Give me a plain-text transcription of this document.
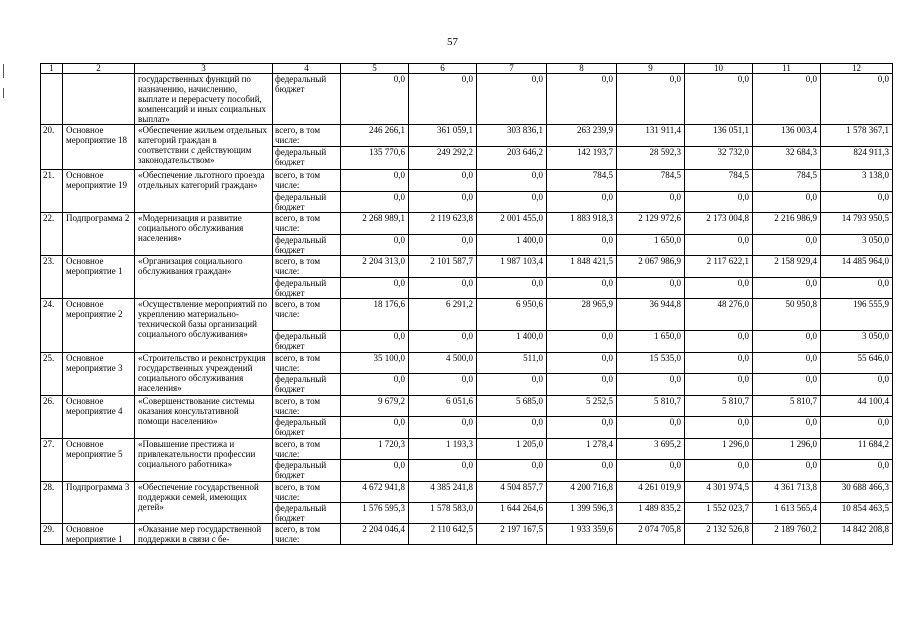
57
1	2	3	4	5	6	7	8	9	10	11	12
		государственных функций по назначению, начислению, выплате и перерасчету пособий, компенсаций и иных социальных выплат»	федеральный бюджет	0,0	0,0	0,0	0,0	0,0	0,0	0,0	0,0
20.	Основное мероприятие 18	«Обеспечение жильем отдельных категорий граждан в соответствии с действующим законодательством»	всего, в том числе:	246 266,1	361 059,1	303 836,1	263 239,9	131 911,4	136 051,1	136 003,4	1 578 367,1
			федеральный бюджет	135 770,6	249 292,2	203 646,2	142 193,7	28 592,3	32 732,0	32 684,3	824 911,3
21.	Основное мероприятие 19	«Обеспечение льготного проезда отдельных категорий граждан»	всего, в том числе:	0,0	0,0	0,0	784,5	784,5	784,5	784,5	3 138,0
			федеральный бюджет	0,0	0,0	0,0	0,0	0,0	0,0	0,0	0,0
22.	Подпрограмма 2	«Модернизация и развитие социального обслуживания населения»	всего, в том числе:	2 268 989,1	2 119 623,8	2 001 455,0	1 883 918,3	2 129 972,6	2 173 004,8	2 216 986,9	14 793 950,5
			федеральный бюджет	0,0	0,0	1 400,0	0,0	1 650,0	0,0	0,0	3 050,0
23.	Основное мероприятие 1	«Организация социального обслуживания граждан»	всего, в том числе:	2 204 313,0	2 101 587,7	1 987 103,4	1 848 421,5	2 067 986,9	2 117 622,1	2 158 929,4	14 485 964,0
			федеральный бюджет	0,0	0,0	0,0	0,0	0,0	0,0	0,0	0,0
24.	Основное мероприятие 2	«Осуществление мероприятий по укреплению материально-технической базы организаций социального обслуживания»	всего, в том числе:	18 176,6	6 291,2	6 950,6	28 965,9	36 944,8	48 276,0	50 950,8	196 555,9
			федеральный бюджет	0,0	0,0	1 400,0	0,0	1 650,0	0,0	0,0	3 050,0
25.	Основное мероприятие 3	«Строительство и реконструкция государственных учреждений социального обслуживания населения»	всего, в том числе:	35 100,0	4 500,0	511,0	0,0	15 535,0	0,0	0,0	55 646,0
			федеральный бюджет	0,0	0,0	0,0	0,0	0,0	0,0	0,0	0,0
26.	Основное мероприятие 4	«Совершенствование системы оказания консультативной помощи населению»	всего, в том числе:	9 679,2	6 051,6	5 685,0	5 252,5	5 810,7	5 810,7	5 810,7	44 100,4
			федеральный бюджет	0,0	0,0	0,0	0,0	0,0	0,0	0,0	0,0
27.	Основное мероприятие 5	«Повышение престижа и привлекательности профессии социального работника»	всего, в том числе:	1 720,3	1 193,3	1 205,0	1 278,4	3 695,2	1 296,0	1 296,0	11 684,2
			федеральный бюджет	0,0	0,0	0,0	0,0	0,0	0,0	0,0	0,0
28.	Подпрограмма 3	«Обеспечение государственной поддержки семей, имеющих детей»	всего, в том числе:	4 672 941,8	4 385 241,8	4 504 857,7	4 200 716,8	4 261 019,9	4 301 974,5	4 361 713,8	30 688 466,3
			федеральный бюджет	1 576 595,3	1 578 583,0	1 644 264,6	1 399 596,3	1 489 835,2	1 552 023,7	1 613 565,4	10 854 463,5
29.	Основное мероприятие 1	«Оказание мер государственной поддержки в связи с бе-	всего, в том числе:	2 204 046,4	2 110 642,5	2 197 167,5	1 933 359,6	2 074 705,8	2 132 526,8	2 189 760,2	14 842 208,8
